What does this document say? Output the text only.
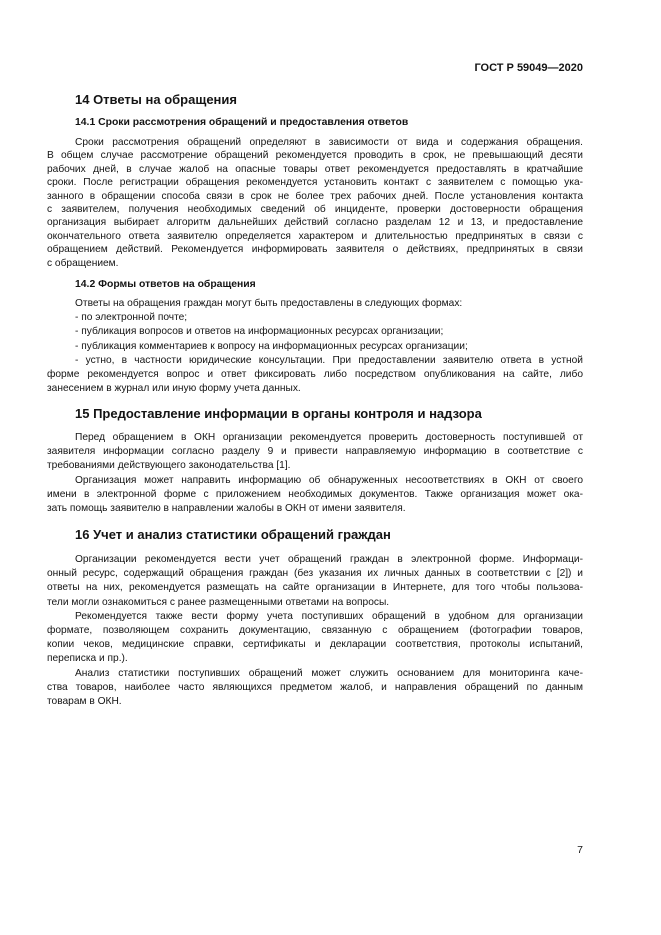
ГОСТ Р 59049—2020
14 Ответы на обращения
14.1 Сроки рассмотрения обращений и предоставления ответов
Сроки рассмотрения обращений определяют в зависимости от вида и содержания обращения.
В общем случае рассмотрение обращений рекомендуется проводить в срок, не превышающий десяти
рабочих дней, в случае жалоб на опасные товары ответ рекомендуется предоставлять в кратчайшие
сроки. После регистрации обращения рекомендуется установить контакт с заявителем с помощью ука-
занного в обращении способа связи в срок не более трех рабочих дней. После установления контакта
с заявителем, получения необходимых сведений об инциденте, проверки достоверности обращения
организация выбирает алгоритм дальнейших действий согласно разделам 12 и 13, и предоставление
окончательного ответа заявителю определяется характером и длительностью предпринятых в связи с
обращением действий. Рекомендуется информировать заявителя о действиях, предпринятых в связи
с обращением.
14.2 Формы ответов на обращения
Ответы на обращения граждан могут быть предоставлены в следующих формах:
- по электронной почте;
- публикация вопросов и ответов на информационных ресурсах организации;
- публикация комментариев к вопросу на информационных ресурсах организации;
- устно, в частности юридические консультации. При предоставлении заявителю ответа в устной
форме рекомендуется вопрос и ответ фиксировать либо посредством опубликования на сайте, либо
занесением в журнал или иную форму учета данных.
15 Предоставление информации в органы контроля и надзора
Перед обращением в ОКН организации рекомендуется проверить достоверность поступившей от
заявителя информации согласно разделу 9 и привести направляемую информацию в соответствие с
требованиями действующего законодательства [1].
Организация может направить информацию об обнаруженных несоответствиях в ОКН от своего
имени в электронной форме с приложением необходимых документов. Также организация может ока-
зать помощь заявителю в направлении жалобы в ОКН от имени заявителя.
16 Учет и анализ статистики обращений граждан
Организации рекомендуется вести учет обращений граждан в электронной форме. Информаци-
онный ресурс, содержащий обращения граждан (без указания их личных данных в соответствии с [2]) и
ответы на них, рекомендуется размещать на сайте организации в Интернете, для того чтобы пользова-
тели могли ознакомиться с ранее размещенными ответами на вопросы.
Рекомендуется также вести форму учета поступивших обращений в удобном для организации
формате, позволяющем сохранить документацию, связанную с обращением (фотографии товаров,
копии чеков, медицинские справки, сертификаты и декларации соответствия, протоколы испытаний,
переписка и пр.).
Анализ статистики поступивших обращений может служить основанием для мониторинга каче-
ства товаров, наиболее часто являющихся предметом жалоб, и направления обращений по данным
товарам в ОКН.
7
